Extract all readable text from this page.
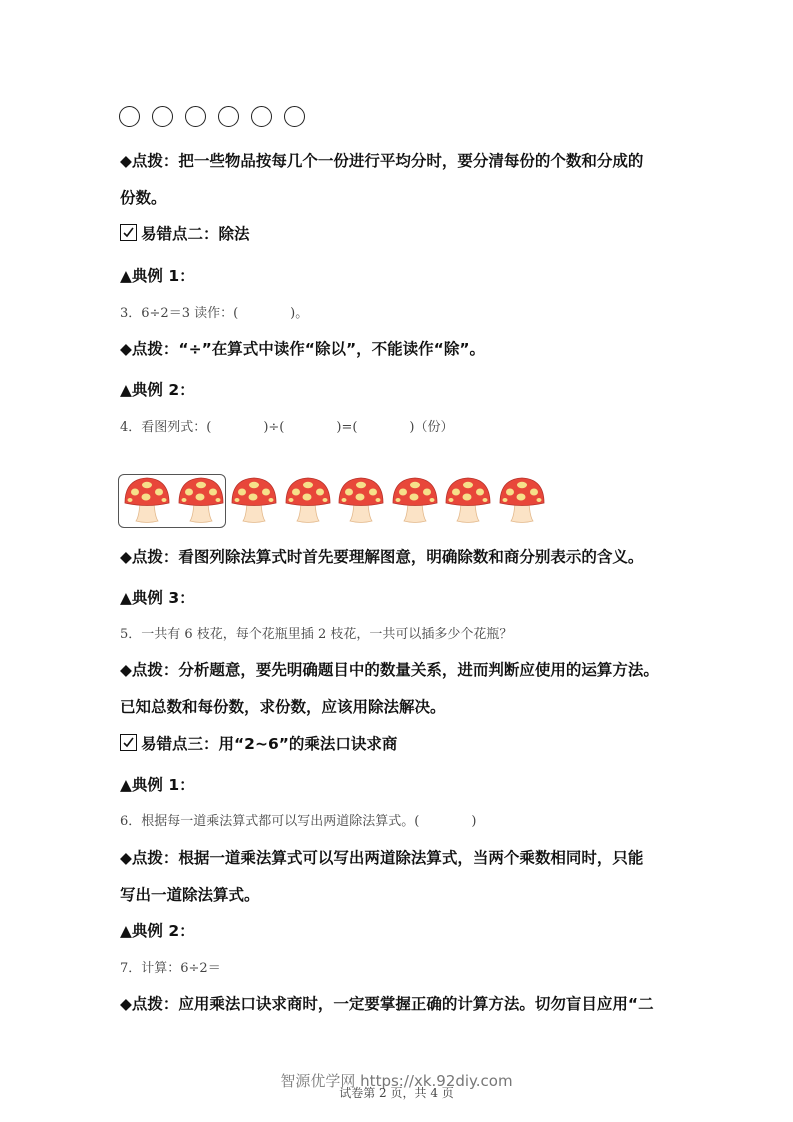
◆点拨：把一些物品按每几个一份进行平均分时，要分清每份的个数和分成的
份数。
易错点二：除法
▲典例 1：
3．6÷2＝3 读作：(　　　　)。
◆点拨：“÷”在算式中读作“除以”，不能读作“除”。
▲典例 2：
4．看图列式：(　　　　)÷(　　　　)=(　　　　)（份）
◆点拨：看图列除法算式时首先要理解图意，明确除数和商分别表示的含义。
▲典例 3：
5．一共有 6 枝花，每个花瓶里插 2 枝花，一共可以插多少个花瓶？
◆点拨：分析题意，要先明确题目中的数量关系，进而判断应使用的运算方法。
已知总数和每份数，求份数，应该用除法解决。
易错点三：用“2~6”的乘法口诀求商
▲典例 1：
6．根据每一道乘法算式都可以写出两道除法算式。(　　　　)
◆点拨：根据一道乘法算式可以写出两道除法算式，当两个乘数相同时，只能
写出一道除法算式。
▲典例 2：
7．计算：6÷2＝
◆点拨：应用乘法口诀求商时，一定要掌握正确的计算方法。切勿盲目应用“二
智源优学网 https://xk.92diy.com
试卷第 2 页，共 4 页
